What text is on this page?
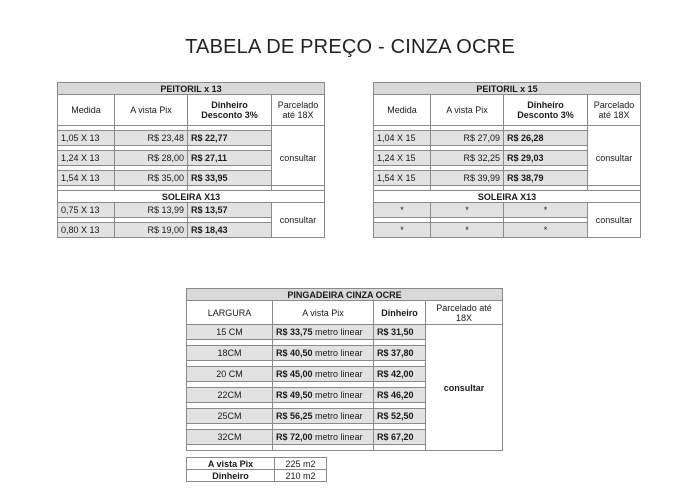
TABELA DE PREÇO - CINZA OCRE
PEITORIL x 13			
Medida	A vista Pix	Dinheiro Desconto 3%	Parcelado até 18X

1,05 X 13	R$ 23,48	R$ 22,77	consultar

1,24 X 13	R$ 28,00	R$ 27,11	

1,54 X 13	R$ 35,00	R$ 33,95	

SOLEIRA X13			
0,75 X 13	R$ 13,99	R$ 13,57	consultar

0,80 X 13	R$ 19,00	R$ 18,43	
PEITORIL x 15			
Medida	A vista Pix	Dinheiro Desconto 3%	Parcelado até 18X

1,04 X 15	R$ 27,09	R$ 26,28	consultar

1,24 X 15	R$ 32,25	R$ 29,03	

1,54 X 15	R$ 39,99	R$ 38,79	

SOLEIRA X13			
*	*	*	consultar

*	*	*	
PINGADEIRA CINZA OCRE			
LARGURA	A vista Pix	Dinheiro	Parcelado até 18X
15 CM	R$ 33,75 metro linear	R$ 31,50	consultar

18CM	R$ 40,50 metro linear	R$ 37,80	

20 CM	R$ 45,00 metro linear	R$ 42,00	

22CM	R$ 49,50 metro linear	R$ 46,20	

25CM	R$ 56,25 metro linear	R$ 52,50	

32CM	R$ 72,00 metro linear	R$ 67,20	

A vista Pix	225 m2
Dinheiro	210 m2
